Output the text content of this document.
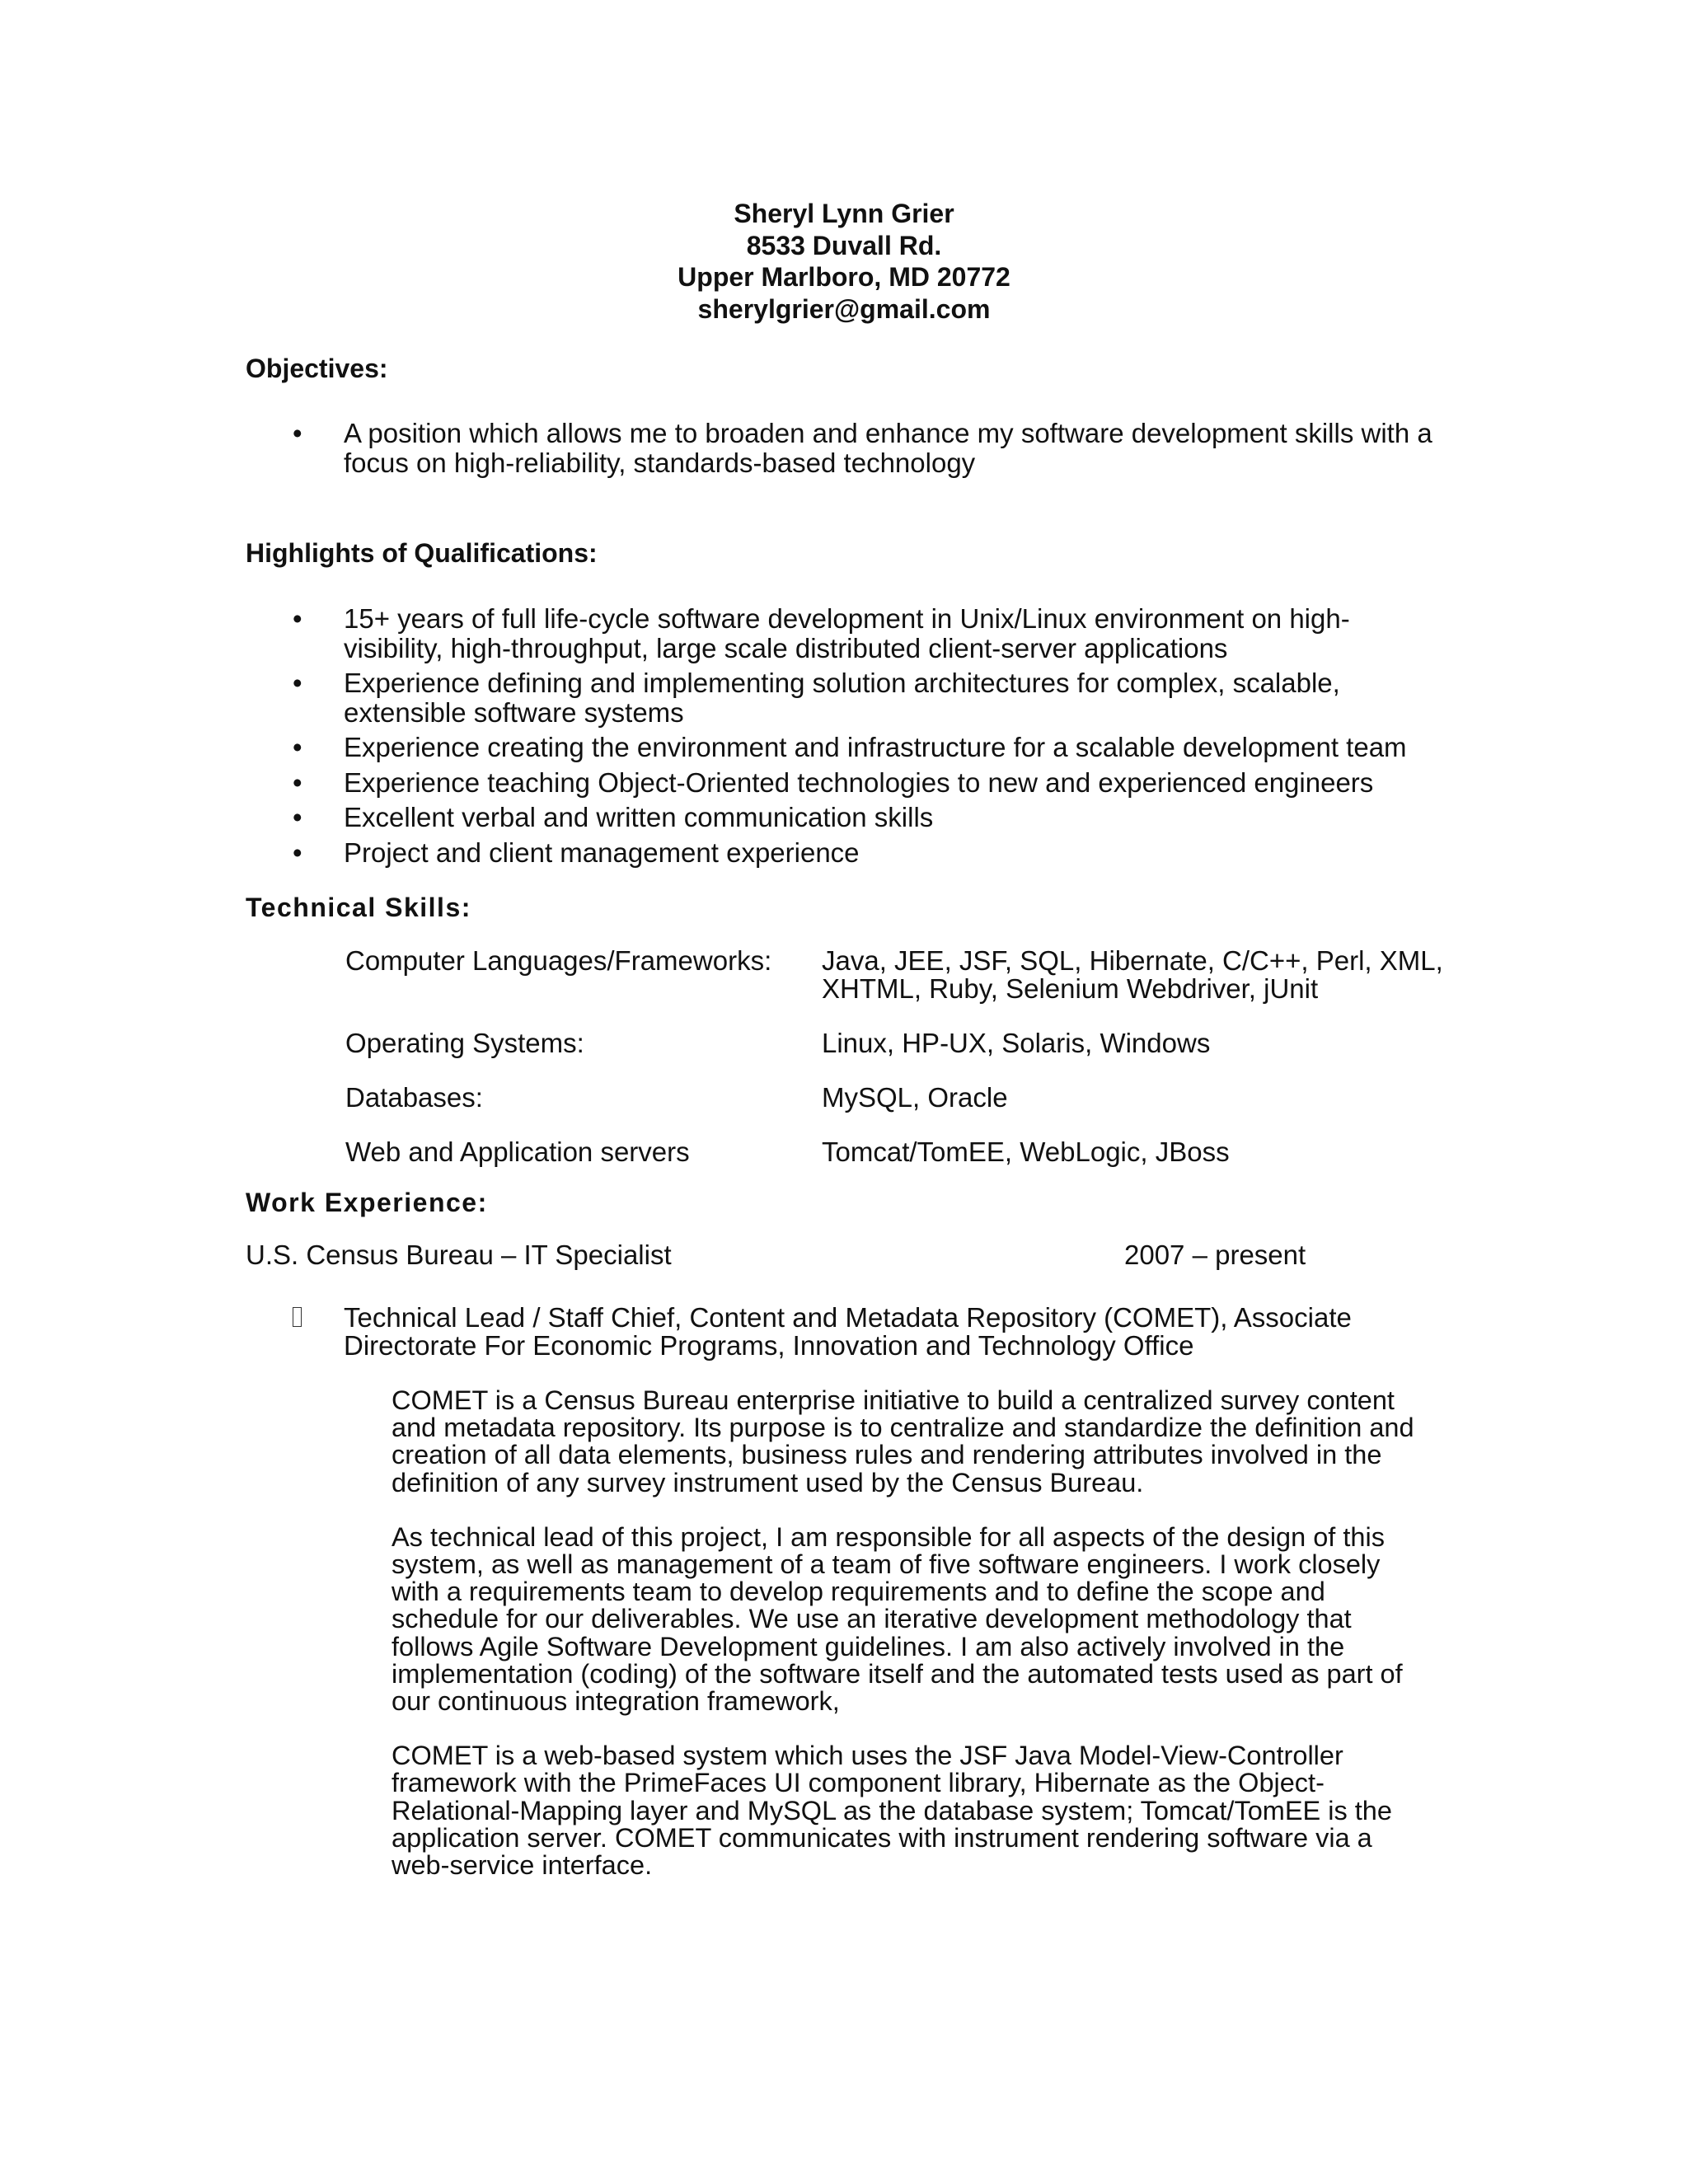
Sheryl Lynn Grier
8533 Duvall Rd.
Upper Marlboro, MD 20772
sherylgrier@gmail.com
Objectives:
• A position which allows me to broaden and enhance my software development skills with a focus on high-reliability, standards-based technology
Highlights of Qualifications:
• 15+ years of full life-cycle software development in Unix/Linux environment on high-visibility, high-throughput, large scale distributed client-server applications
• Experience defining and implementing solution architectures for complex, scalable, extensible software systems
• Experience creating the environment and infrastructure for a scalable development team
• Experience teaching Object-Oriented technologies to new and experienced engineers
• Excellent verbal and written communication skills
• Project and client management experience
Technical Skills:
Computer Languages/Frameworks: Java, JEE, JSF, SQL, Hibernate, C/C++, Perl, XML, XHTML, Ruby, Selenium Webdriver, jUnit
Operating Systems:	Linux, HP-UX, Solaris, Windows
Databases:	MySQL, Oracle
Web and Application servers	Tomcat/TomEE, WebLogic, JBoss
Work Experience:
U.S. Census Bureau – IT Specialist	2007 – present
Technical Lead / Staff Chief, Content and Metadata Repository (COMET), Associate Directorate For Economic Programs, Innovation and Technology Office

COMET is a Census Bureau enterprise initiative to build a centralized survey content and metadata repository. Its purpose is to centralize and standardize the definition and creation of all data elements, business rules and rendering attributes involved in the definition of any survey instrument used by the Census Bureau.

As technical lead of this project, I am responsible for all aspects of the design of this system, as well as management of a team of five software engineers. I work closely with a requirements team to develop requirements and to define the scope and schedule for our deliverables. We use an iterative development methodology that follows Agile Software Development guidelines. I am also actively involved in the implementation (coding) of the software itself and the automated tests used as part of our continuous integration framework,

COMET is a web-based system which uses the JSF Java Model-View-Controller framework with the PrimeFaces UI component library, Hibernate as the Object-Relational-Mapping layer and MySQL as the database system; Tomcat/TomEE is the application server. COMET communicates with instrument rendering software via a web-service interface.
